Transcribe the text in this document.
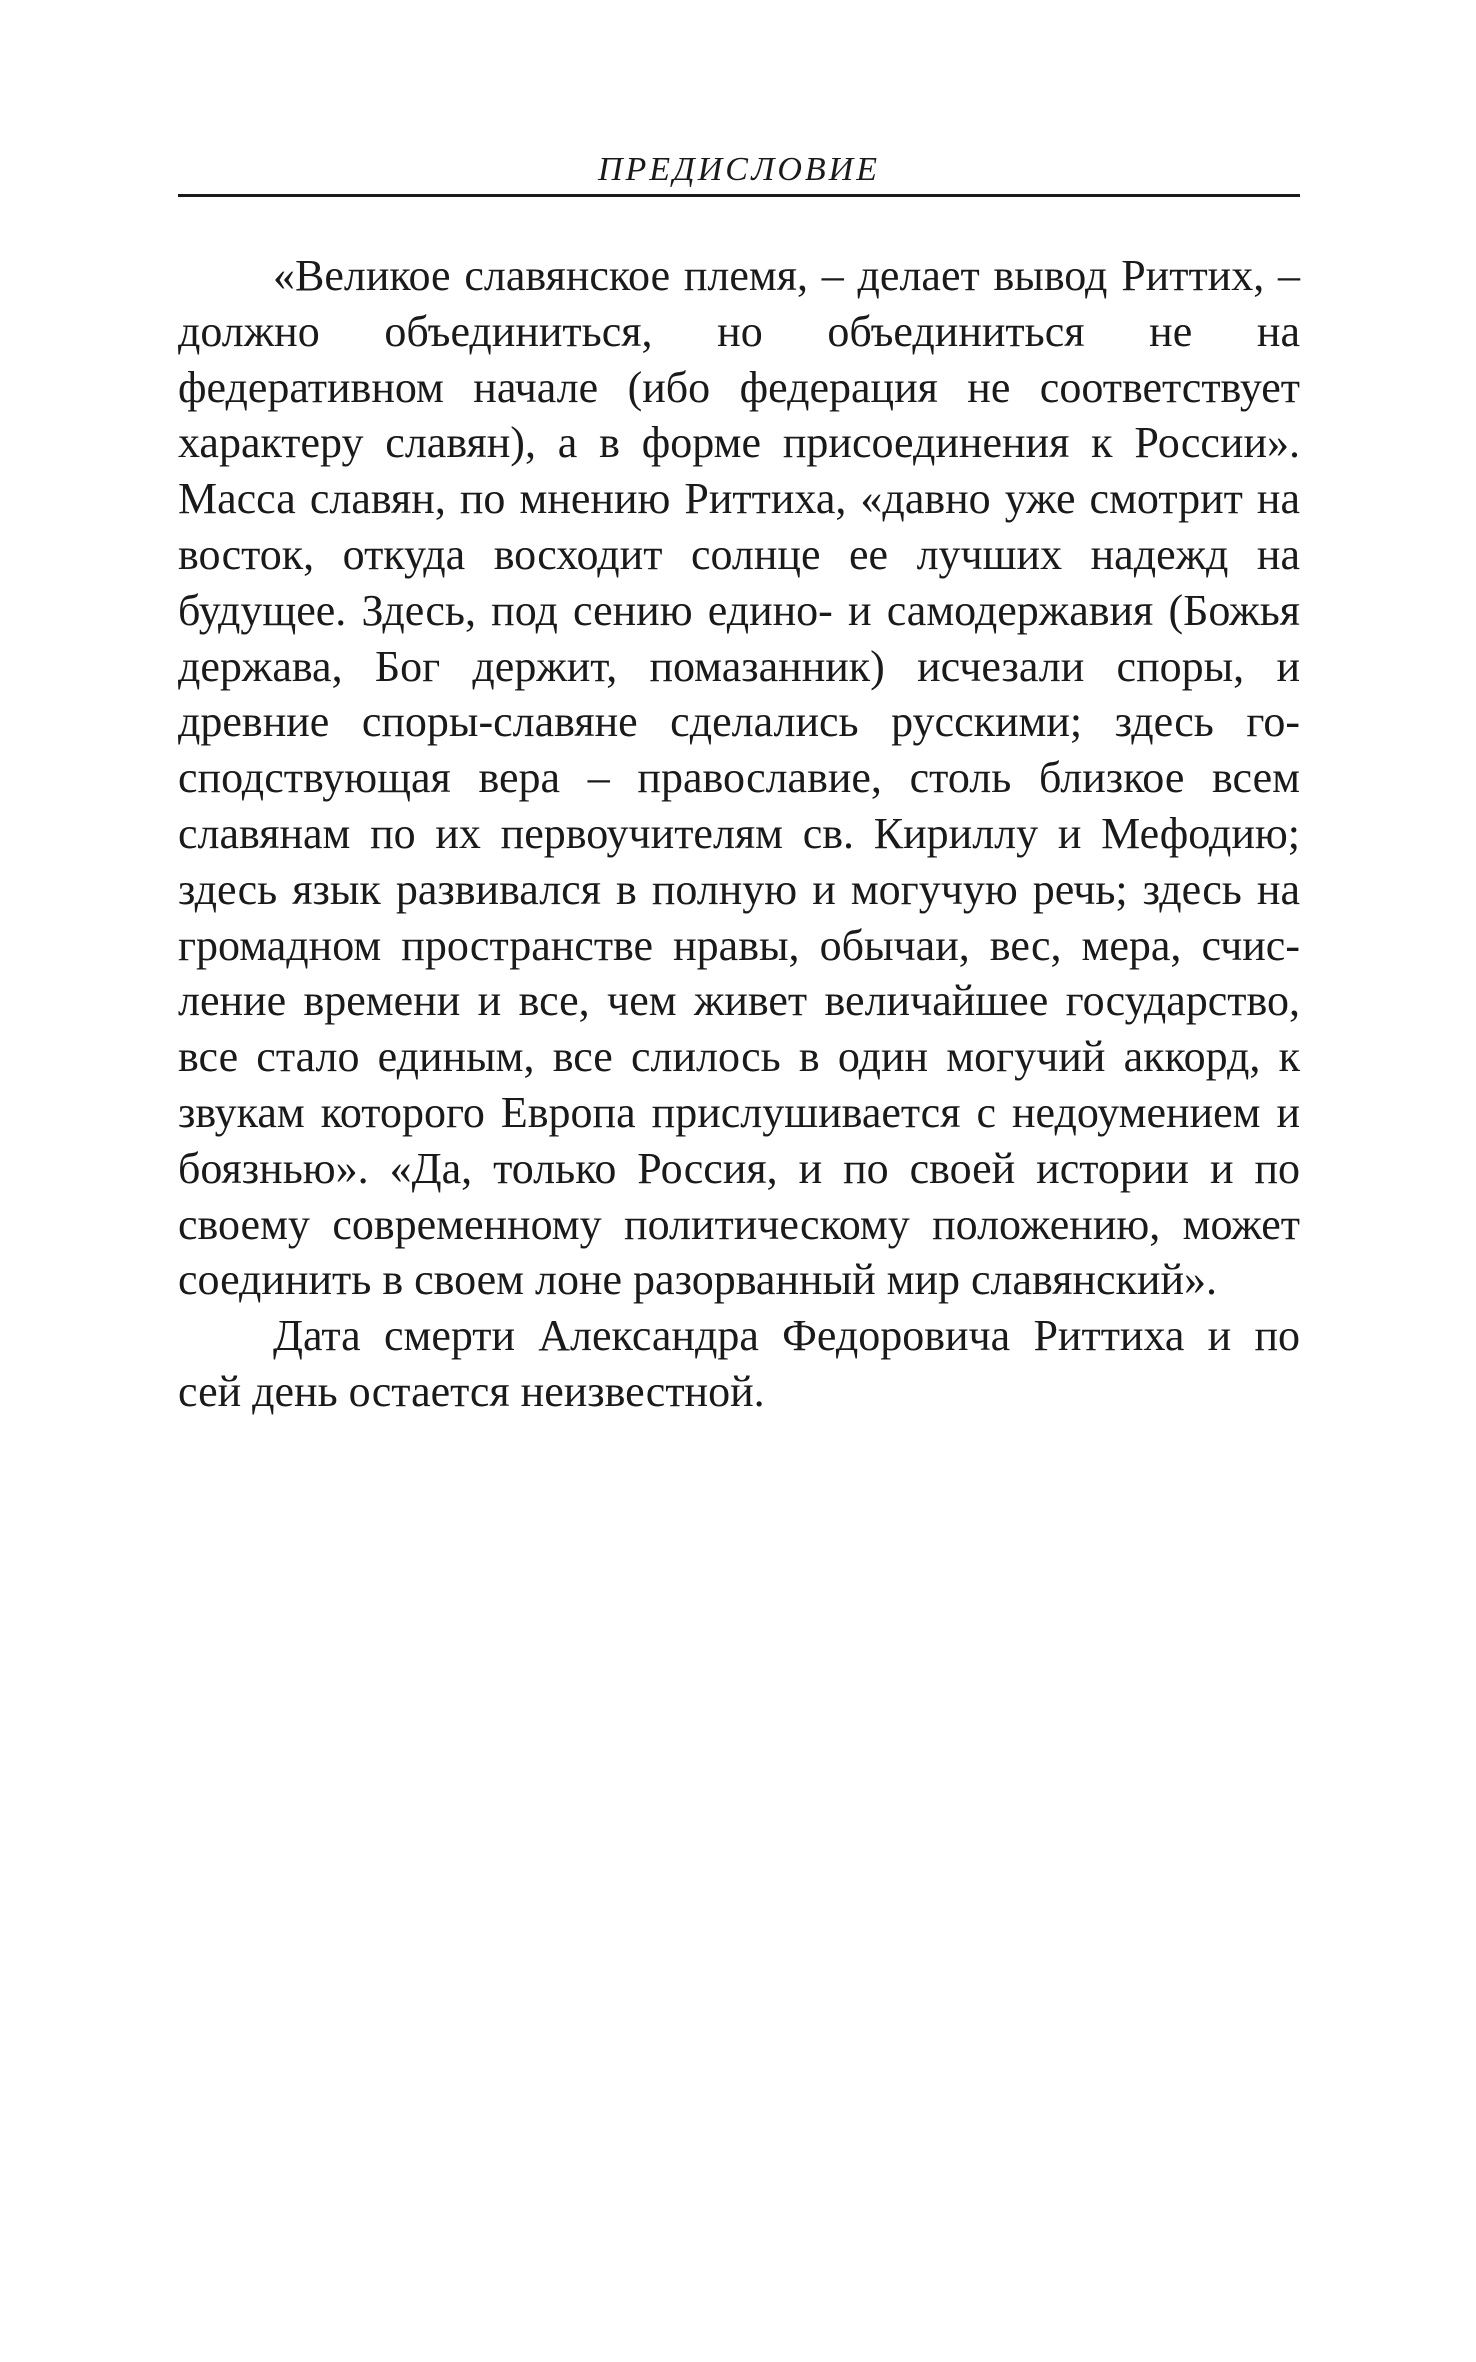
ПРЕДИСЛОВИЕ

«Великое славянское племя, – делает вывод Риттих, – должно объединиться, но объединиться не на федеративном начале (ибо федерация не соответствует характеру славян), а в форме присоединения к России». Масса славян, по мнению Риттиха, «давно уже смотрит на восток, откуда восходит солнце ее лучших надежд на будущее. Здесь, под сению едино- и самодержавия (Божья держава, Бог держит, помазанник) исчезали споры, и древние споры-славяне сделались русскими; здесь господствующая вера – православие, столь близкое всем славянам по их первоучителям св. Кириллу и Мефодию; здесь язык развивался в полную и могучую речь; здесь на громадном пространстве нравы, обычаи, вес, мера, счисление времени и все, чем живет величайшее государство, все стало единым, все слилось в один могучий аккорд, к звукам которого Европа прислушивается с недоумением и боязнью». «Да, только Россия, и по своей истории и по своему современному политическому положению, может соединить в своем лоне разорванный мир славянский».

Дата смерти Александра Федоровича Риттиха и по сей день остается неизвестной.
